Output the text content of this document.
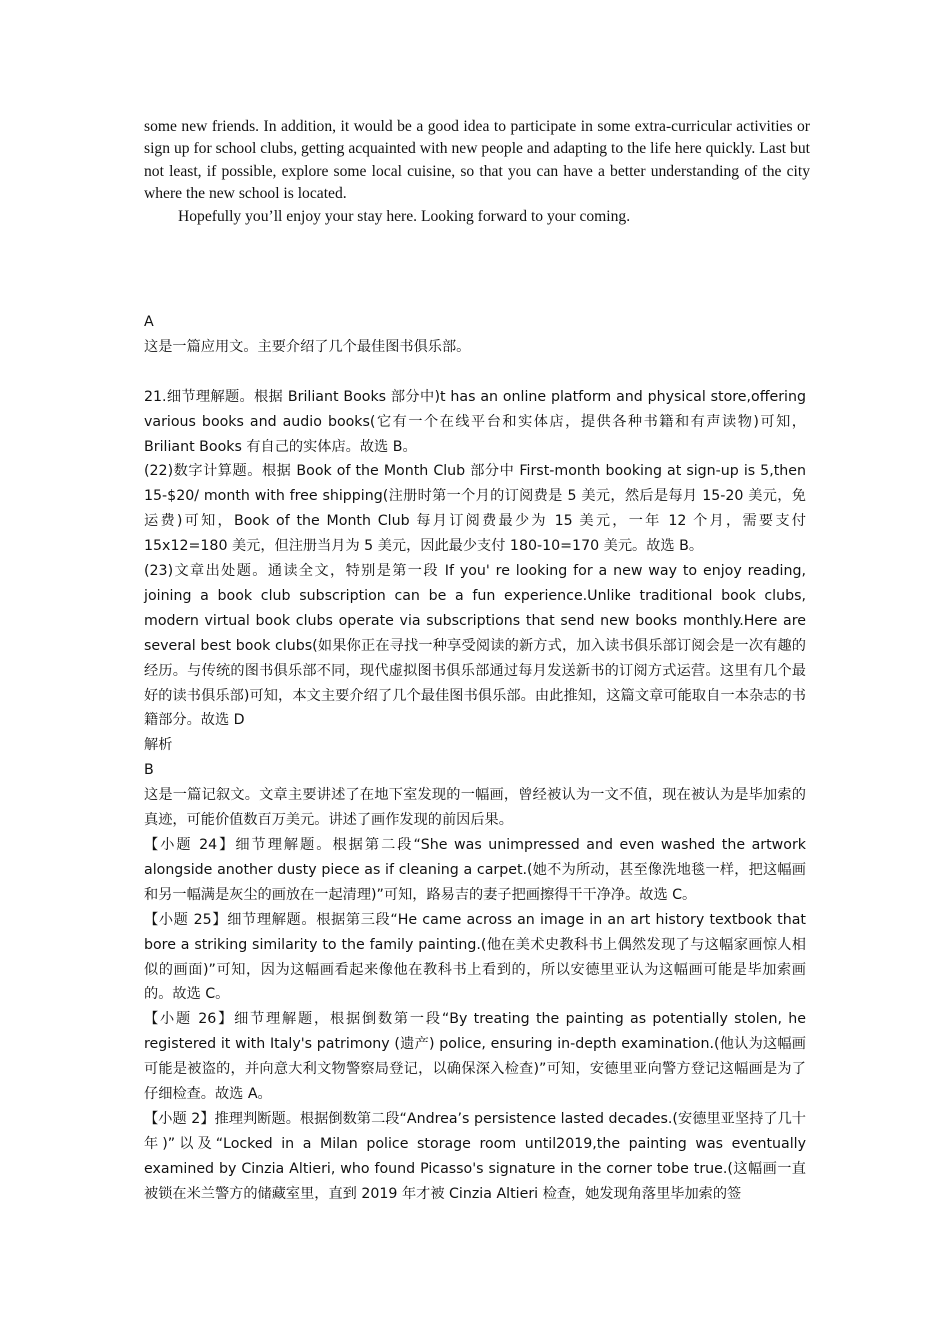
some new friends. In addition, it would be a good idea to participate in some extra-curricular activities or sign up for school clubs, getting acquainted with new people and adapting to the life here quickly. Last but not least, if possible, explore some local cuisine, so that you can have a better understanding of the city where the new school is located.

Hopefully you’ll enjoy your stay here. Looking forward to your coming.

A

这是一篇应用文。主要介绍了几个最佳图书俱乐部。

21.细节理解题。根据 Briliant Books 部分中)t has an online platform and physical store,offering various books and audio books(它有一个在线平台和实体店，提供各种书籍和有声读物)可知，Briliant Books 有自己的实体店。故选 B。

(22)数字计算题。根据 Book of the Month Club 部分中 First-month booking at sign-up is 5,then 15-$20/ month with free shipping(注册时第一个月的订阅费是 5 美元，然后是每月 15-20 美元，免运费)可知，Book of the Month Club 每月订阅费最少为 15 美元，一年 12 个月，需要支付 15x12=180 美元，但注册当月为 5 美元，因此最少支付 180-10=170 美元。故选 B。

(23)文章出处题。通读全文，特别是第一段 If you' re looking for a new way to enjoy reading, joining a book club subscription can be a fun experience.Unlike traditional book clubs, modern virtual book clubs operate via subscriptions that send new books monthly.Here are several best book clubs(如果你正在寻找一种享受阅读的新方式，加入读书俱乐部订阅会是一次有趣的经历。与传统的图书俱乐部不同，现代虚拟图书俱乐部通过每月发送新书的订阅方式运营。这里有几个最好的读书俱乐部)可知，本文主要介绍了几个最佳图书俱乐部。由此推知，这篇文章可能取自一本杂志的书籍部分。故选 D

解析

B

这是一篇记叙文。文章主要讲述了在地下室发现的一幅画，曾经被认为一文不值，现在被认为是毕加索的真迹，可能价值数百万美元。讲述了画作发现的前因后果。

【小题 24】细节理解题。根据第二段“She was unimpressed and even washed the artwork alongside another dusty piece as if cleaning a carpet.(她不为所动，甚至像洗地毯一样，把这幅画和另一幅满是灰尘的画放在一起清理)”可知，路易吉的妻子把画擦得干干净净。故选 C。

【小题 25】细节理解题。根据第三段“He came across an image in an art history textbook that bore a striking similarity to the family painting.(他在美术史教科书上偶然发现了与这幅家画惊人相似的画面)”可知，因为这幅画看起来像他在教科书上看到的，所以安德里亚认为这幅画可能是毕加索画的。故选 C。

【小题 26】细节理解题，根据倒数第一段“By treating the painting as potentially stolen, he registered it with Italy's patrimony (遗产) police, ensuring in-depth examination.(他认为这幅画可能是被盗的，并向意大利文物警察局登记，以确保深入检查)”可知，安德里亚向警方登记这幅画是为了仔细检查。故选 A。

【小题 2】推理判断题。根据倒数第二段“Andrea’s persistence lasted decades.(安德里亚坚持了几十年)”以及“Locked in a Milan police storage room until2019,the painting was eventually examined by Cinzia Altieri, who found Picasso's signature in the corner tobe true.(这幅画一直被锁在米兰警方的储藏室里，直到 2019 年才被 Cinzia Altieri 检查，她发现角落里毕加索的签
